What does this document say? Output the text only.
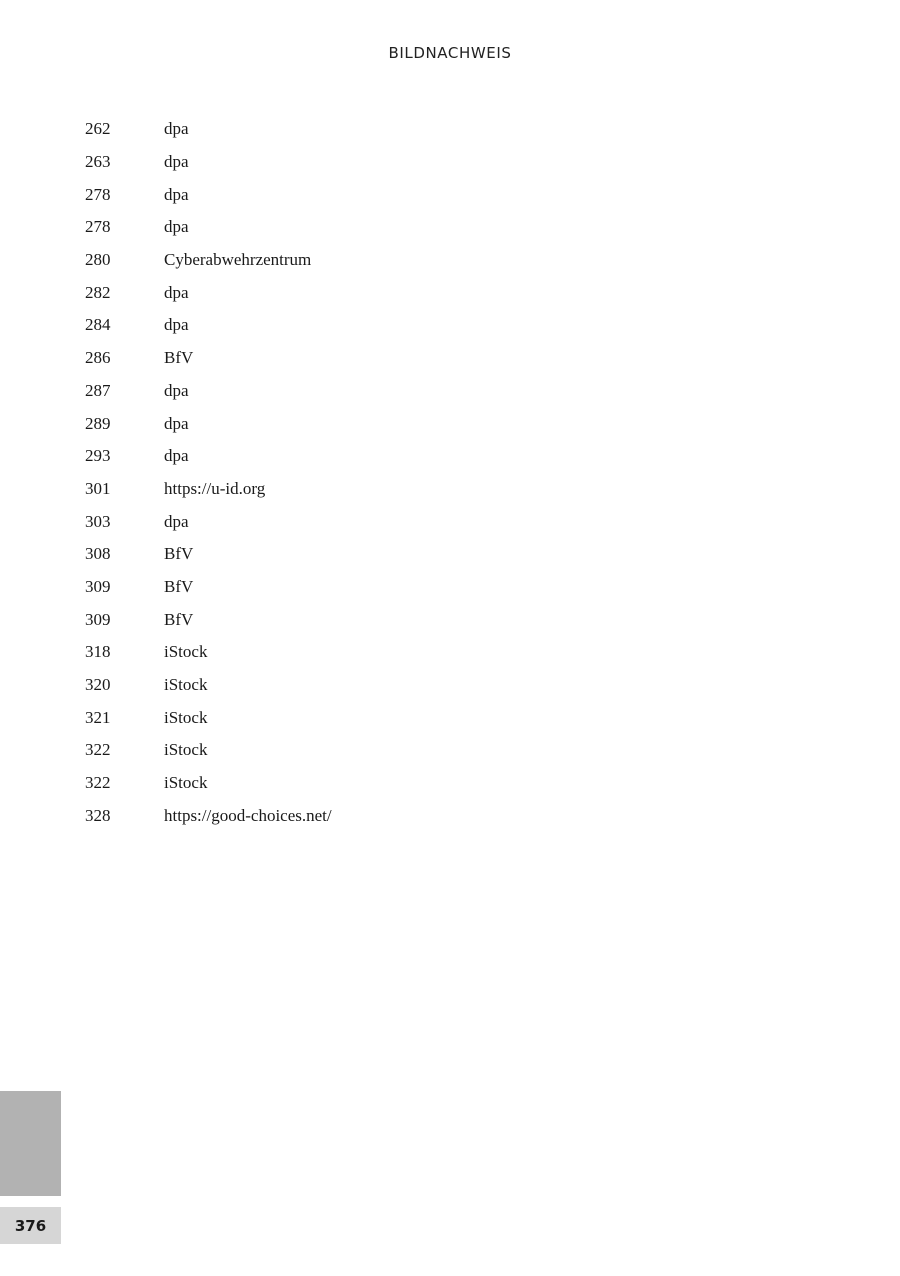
BILDNACHWEIS
262	dpa
263	dpa
278	dpa
278	dpa
280	Cyberabwehrzentrum
282	dpa
284	dpa
286	BfV
287	dpa
289	dpa
293	dpa
301	https://u-id.org
303	dpa
308	BfV
309	BfV
309	BfV
318	iStock
320	iStock
321	iStock
322	iStock
322	iStock
328	https://good-choices.net/
376
